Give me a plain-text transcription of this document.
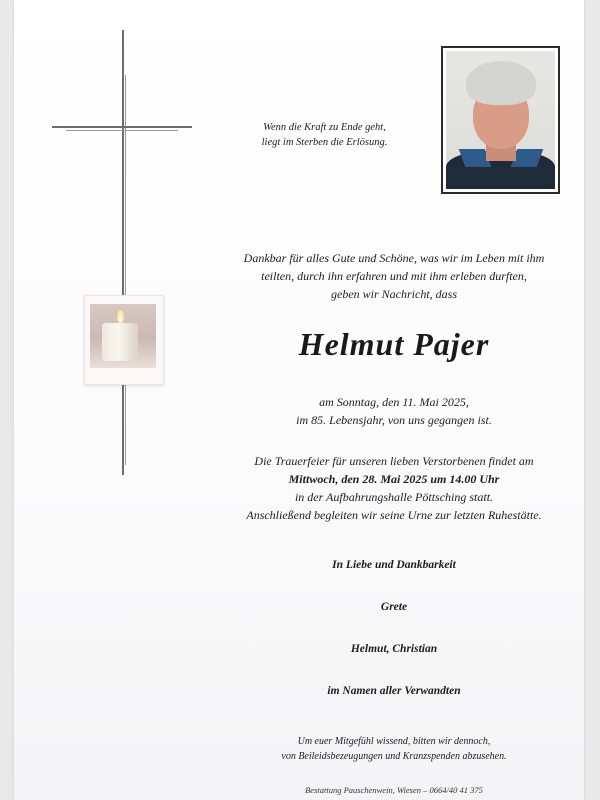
Wenn die Kraft zu Ende geht,
liegt im Sterben die Erlösung.
Dankbar für alles Gute und Schöne, was wir im Leben mit ihm
teilten, durch ihn erfahren und mit ihm erleben durften,
geben wir Nachricht, dass
Helmut Pajer
am Sonntag, den 11. Mai 2025,
im 85. Lebensjahr, von uns gegangen ist.
Die Trauerfeier für unseren lieben Verstorbenen findet am
Mittwoch, den 28. Mai 2025 um 14.00 Uhr
in der Aufbahrungshalle Pöttsching statt.
Anschließend begleiten wir seine Urne zur letzten Ruhestätte.
In Liebe und Dankbarkeit
Grete
Helmut, Christian
im Namen aller Verwandten
Um euer Mitgefühl wissend, bitten wir dennoch,
von Beileidsbezeugungen und Kranzspenden abzusehen.
Bestattung Pauschenwein, Wiesen – 0664/40 41 375
